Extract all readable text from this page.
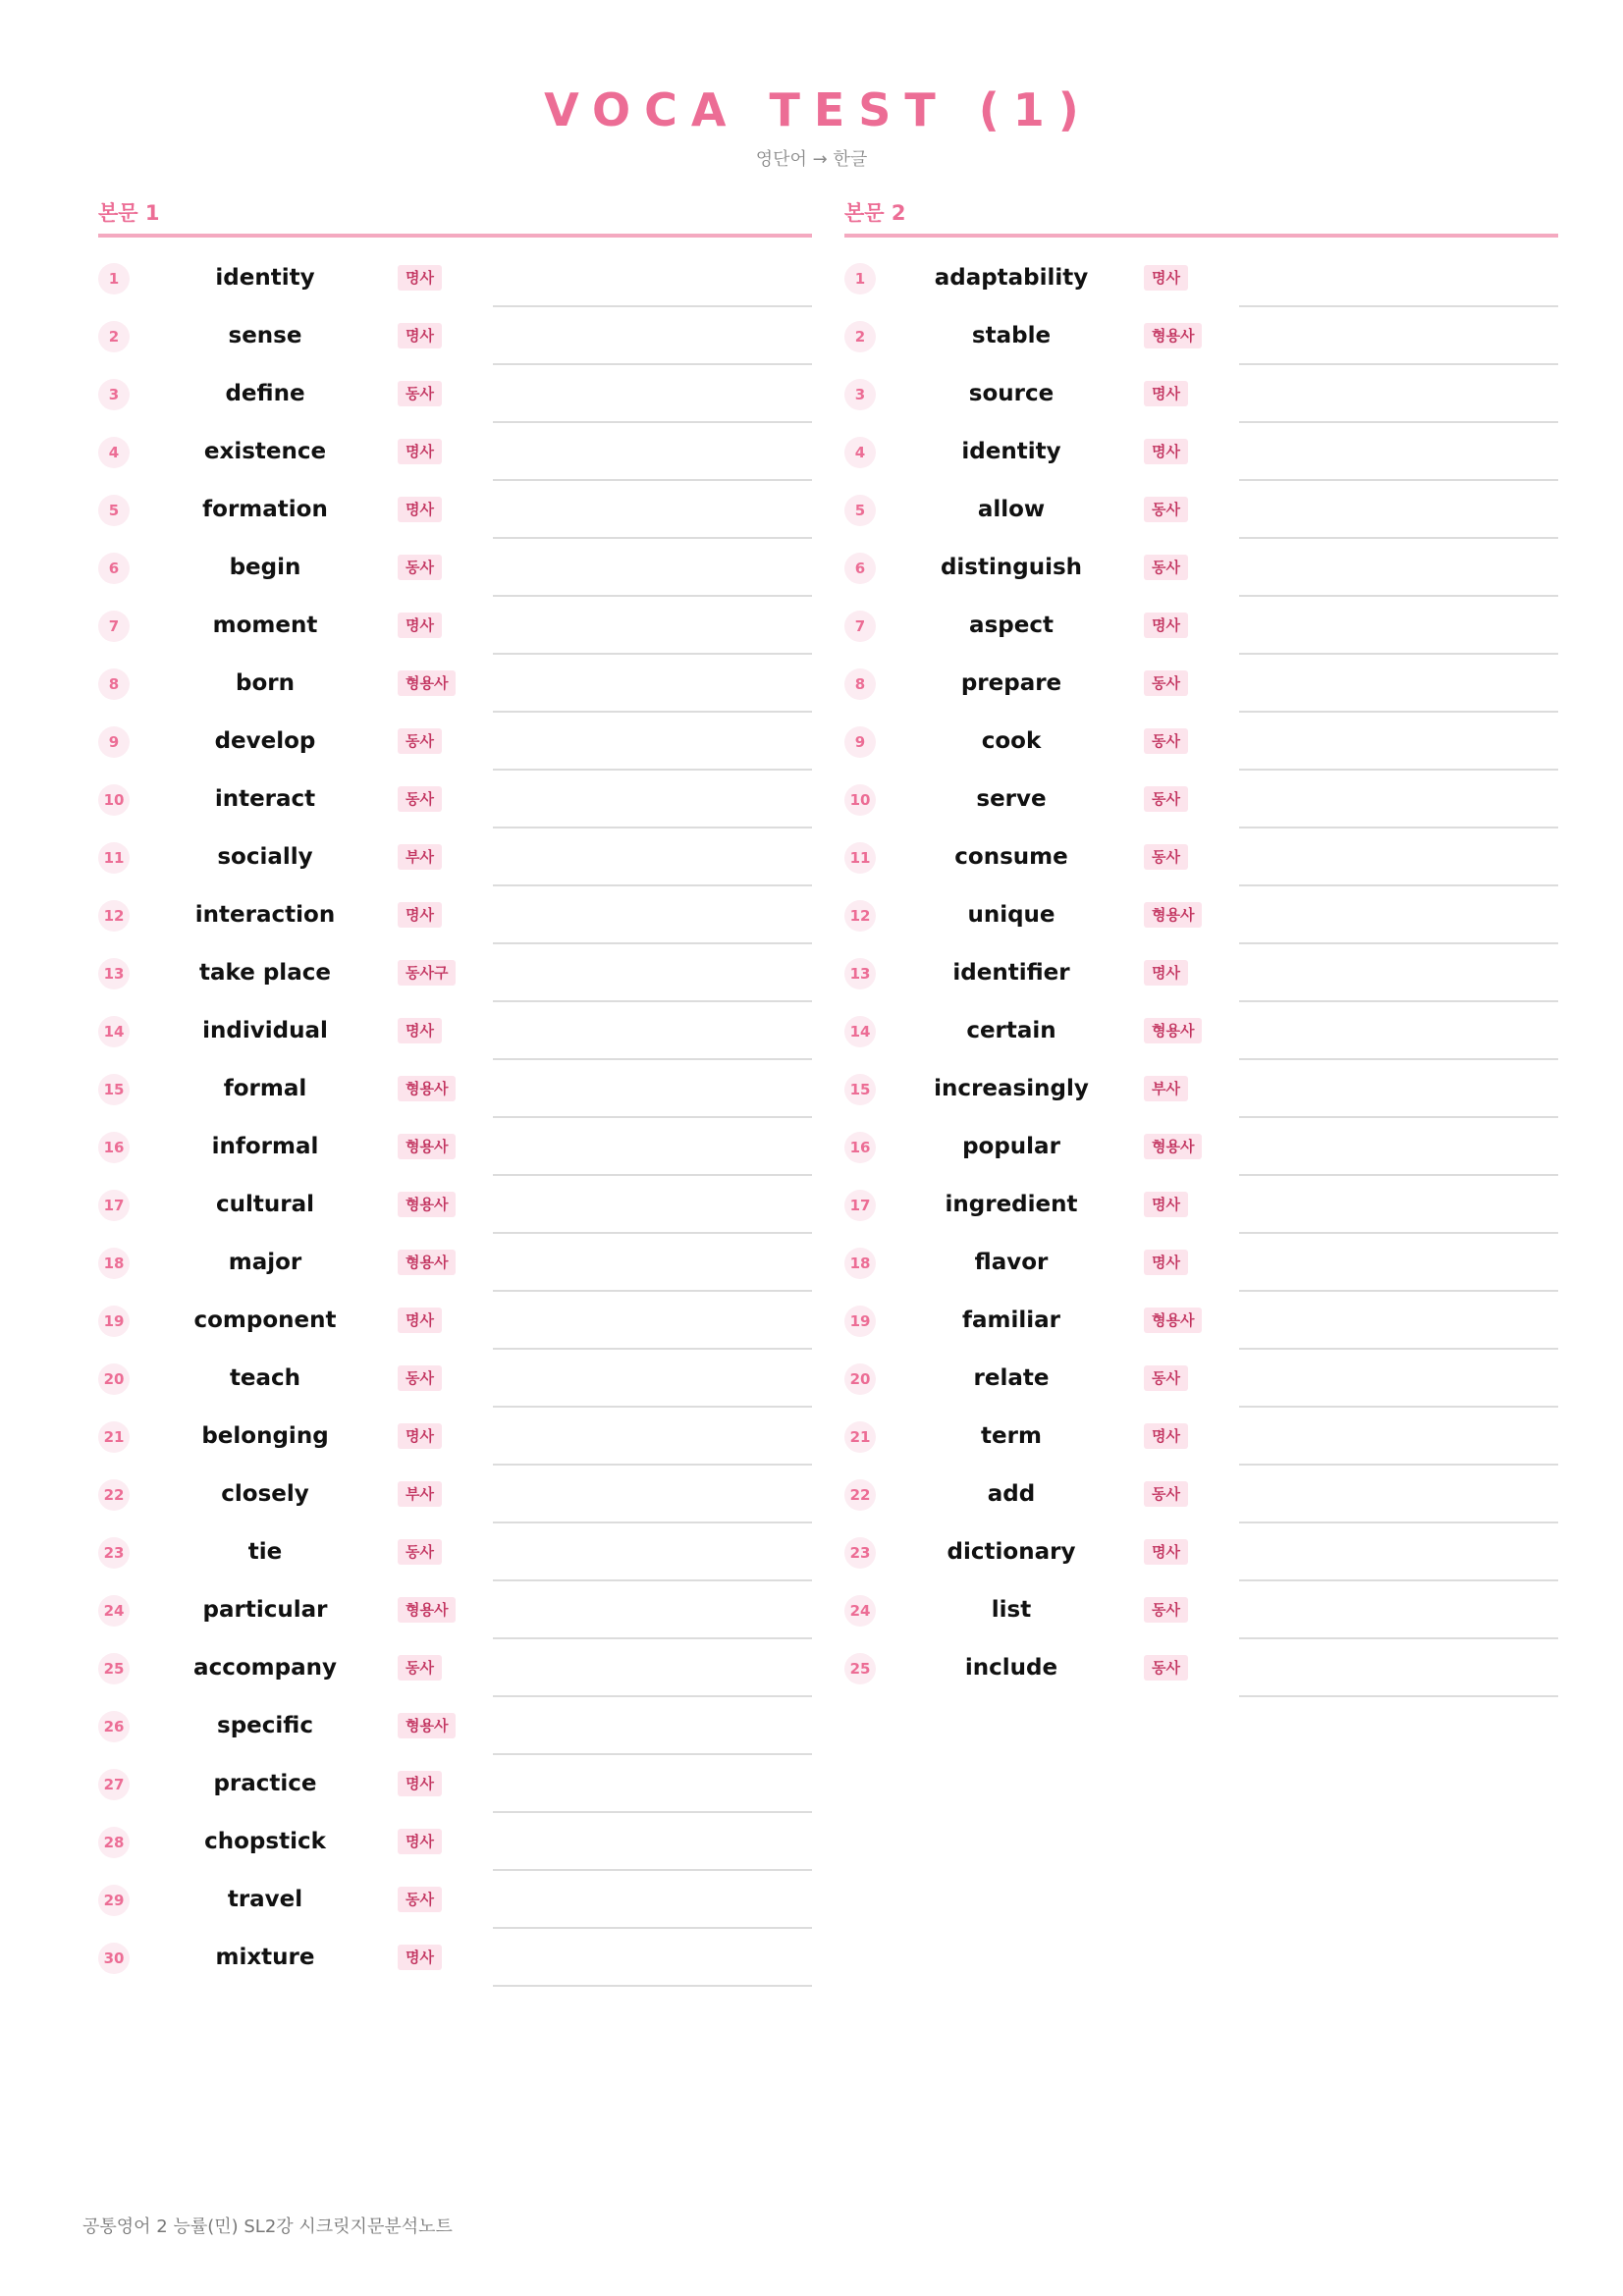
VOCA TEST (1)
영단어 → 한글
본문 1
1	identity	명사
2	sense	명사
3	define	동사
4	existence	명사
5	formation	명사
6	begin	동사
7	moment	명사
8	born	형용사
9	develop	동사
10	interact	동사
11	socially	부사
12	interaction	명사
13	take place	동사구
14	individual	명사
15	formal	형용사
16	informal	형용사
17	cultural	형용사
18	major	형용사
19	component	명사
20	teach	동사
21	belonging	명사
22	closely	부사
23	tie	동사
24	particular	형용사
25	accompany	동사
26	specific	형용사
27	practice	명사
28	chopstick	명사
29	travel	동사
30	mixture	명사
본문 2
1	adaptability	명사
2	stable	형용사
3	source	명사
4	identity	명사
5	allow	동사
6	distinguish	동사
7	aspect	명사
8	prepare	동사
9	cook	동사
10	serve	동사
11	consume	동사
12	unique	형용사
13	identifier	명사
14	certain	형용사
15	increasingly	부사
16	popular	형용사
17	ingredient	명사
18	flavor	명사
19	familiar	형용사
20	relate	동사
21	term	명사
22	add	동사
23	dictionary	명사
24	list	동사
25	include	동사
공통영어 2 능률(민) SL2강 시크릿지문분석노트
